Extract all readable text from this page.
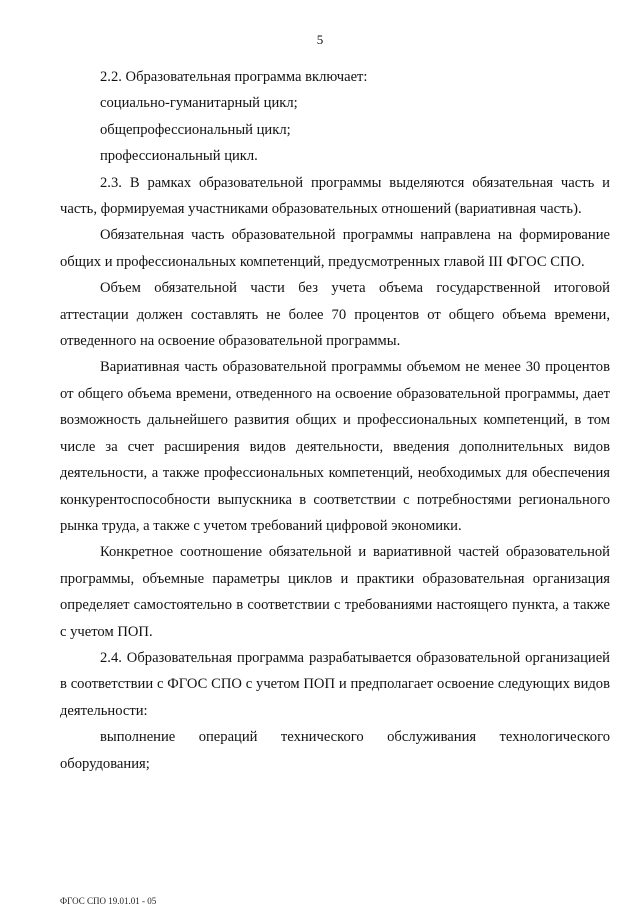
5

2.2. Образовательная программа включает:

социально-гуманитарный цикл;

общепрофессиональный цикл;

профессиональный цикл.

2.3. В рамках образовательной программы выделяются обязательная часть и часть, формируемая участниками образовательных отношений (вариативная часть).

Обязательная часть образовательной программы направлена на формирование общих и профессиональных компетенций, предусмотренных главой III ФГОС СПО.

Объем обязательной части без учета объема государственной итоговой аттестации должен составлять не более 70 процентов от общего объема времени, отведенного на освоение образовательной программы.

Вариативная часть образовательной программы объемом не менее 30 процентов от общего объема времени, отведенного на освоение образовательной программы, дает возможность дальнейшего развития общих и профессиональных компетенций, в том числе за счет расширения видов деятельности, введения дополнительных видов деятельности, а также профессиональных компетенций, необходимых для обеспечения конкурентоспособности выпускника в соответствии с потребностями регионального рынка труда, а также с учетом требований цифровой экономики.

Конкретное соотношение обязательной и вариативной частей образовательной программы, объемные параметры циклов и практики образовательная организация определяет самостоятельно в соответствии с требованиями настоящего пункта, а также с учетом ПОП.

2.4. Образовательная программа разрабатывается образовательной организацией в соответствии с ФГОС СПО с учетом ПОП и предполагает освоение следующих видов деятельности:

выполнение операций технического обслуживания технологического оборудования;

ФГОС СПО 19.01.01 - 05
